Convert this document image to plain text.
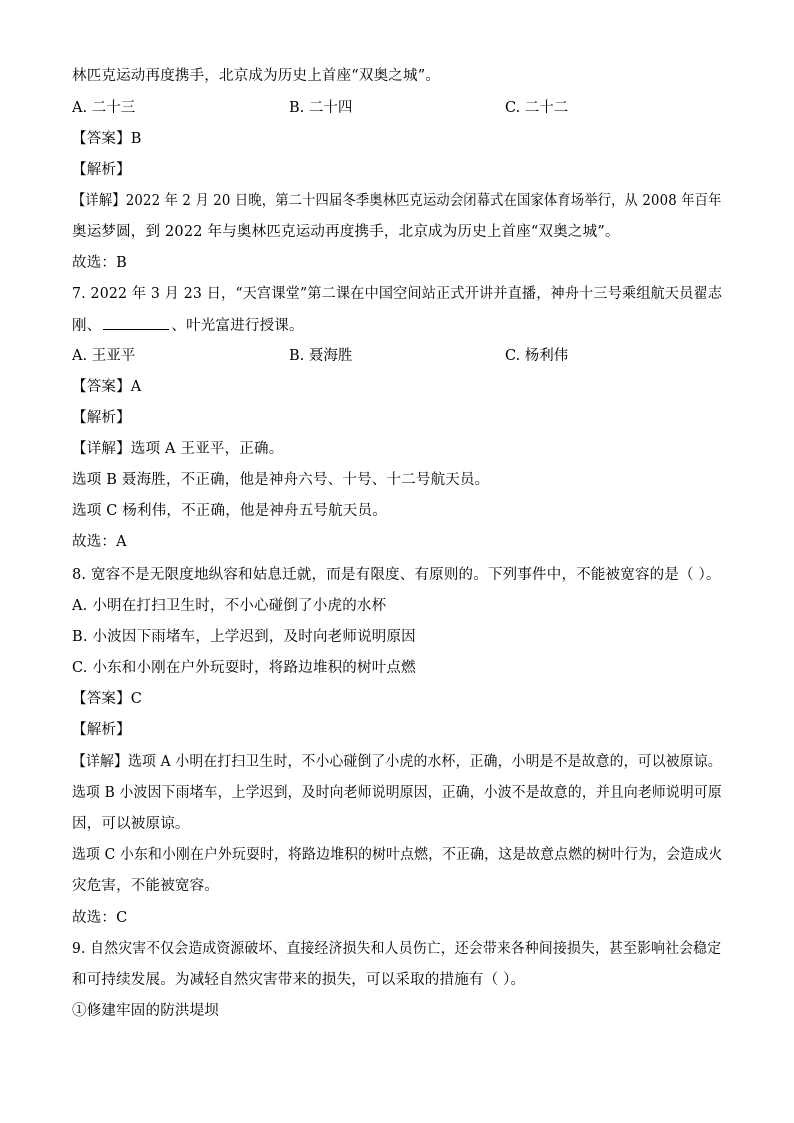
林匹克运动再度携手，北京成为历史上首座“双奥之城”。
A. 二十三	B. 二十四	C. 二十二
【答案】B
【解析】
【详解】2022 年 2 月 20 日晚，第二十四届冬季奥林匹克运动会闭幕式在国家体育场举行，从 2008 年百年
奥运梦圆，到 2022 年与奥林匹克运动再度携手，北京成为历史上首座“双奥之城”。
故选：B
7. 2022 年 3 月 23 日，“天宫课堂”第二课在中国空间站正式开讲并直播，神舟十三号乘组航天员翟志
刚、	、叶光富进行授课。
A. 王亚平	B. 聂海胜	C. 杨利伟
【答案】A
【解析】
【详解】选项 A 王亚平，正确。
选项 B 聂海胜，不正确，他是神舟六号、十号、十二号航天员。
选项 C 杨利伟，不正确，他是神舟五号航天员。
故选：A
8. 宽容不是无限度地纵容和姑息迁就，而是有限度、有原则的。下列事件中，不能被宽容的是（ ）。
A. 小明在打扫卫生时，不小心碰倒了小虎的水杯
B. 小波因下雨堵车，上学迟到，及时向老师说明原因
C. 小东和小刚在户外玩耍时，将路边堆积的树叶点燃
【答案】C
【解析】
【详解】选项 A 小明在打扫卫生时，不小心碰倒了小虎的水杯，正确，小明是不是故意的，可以被原谅。
选项 B 小波因下雨堵车，上学迟到，及时向老师说明原因，正确，小波不是故意的，并且向老师说明可原
因，可以被原谅。
选项 C 小东和小刚在户外玩耍时，将路边堆积的树叶点燃，不正确，这是故意点燃的树叶行为，会造成火
灾危害，不能被宽容。
故选：C
9. 自然灾害不仅会造成资源破坏、直接经济损失和人员伤亡，还会带来各种间接损失，甚至影响社会稳定
和可持续发展。为减轻自然灾害带来的损失，可以采取的措施有（ ）。
①修建牢固的防洪堤坝
